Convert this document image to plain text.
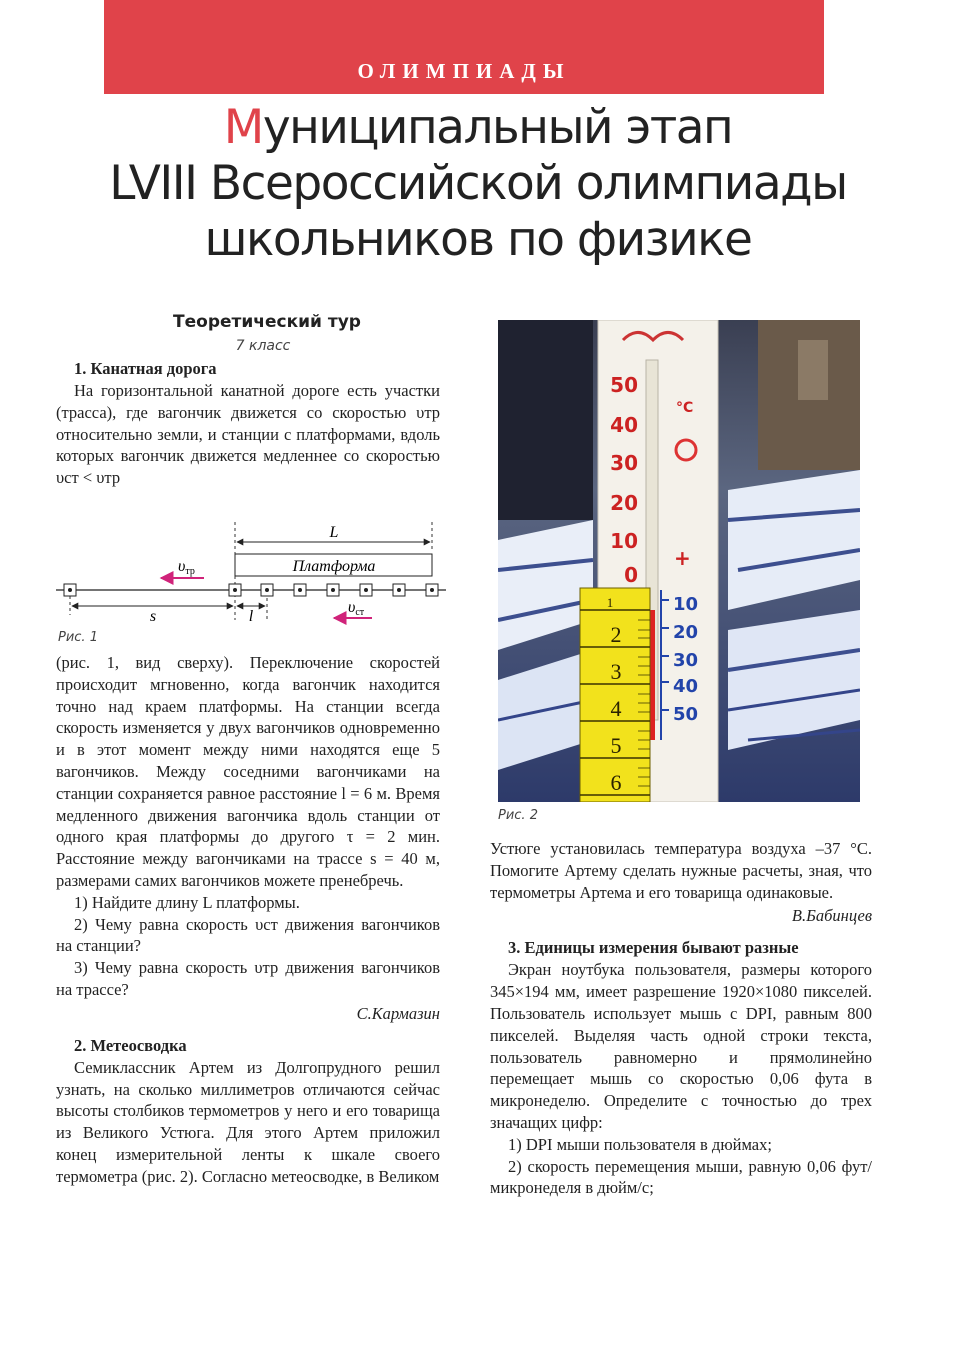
ОЛИМПИАДЫ
Муниципальный этап
LVIII Всероссийской олимпиады
школьников по физике
Теоретический тур
7 класс
1. Канатная дорога

На горизонтальной канатной дороге есть участки (трасса), где вагончик движется со скоростью υтр относительно земли, и станции с платформами, вдоль которых вагончик движется медленнее со скоростью υст < υтр

L
Платформа
υтр
s	l
υст
Рис. 1

(рис. 1, вид сверху). Переключение скоростей происходит мгновенно, когда вагончик находится точно над краем платформы. На станции всегда скорость изменяется у двух вагончиков одновременно и в этот момент между ними находятся еще 5 вагончиков. Между соседними вагончиками на станции сохраняется равное расстояние l = 6 м. Время медленного движения вагончика вдоль станции от одного края платформы до другого τ = 2 мин. Расстояние между вагончиками на трассе s = 40 м, размерами самих вагончиков можете пренебречь.

1) Найдите длину L платформы.

2) Чему равна скорость υст движения вагончиков на станции?

3) Чему равна скорость υтр движения вагончиков на трассе?

С.Кармазин
2. Метеосводка

Семиклассник Артем из Долгопрудного решил узнать, на сколько миллиметров отличаются сейчас высоты столбиков термометров у него и его товарища из Великого Устюга. Для этого Артем приложил конец измерительной ленты к шкале своего термометра (рис. 2). Согласно метеосводке, в Великом

°C
+
50
40
30
20
10
0
10
20
30
40
50
1
2
3
4
5
6
Рис. 2

Устюге установилась температура воздуха –37 °С. Помогите Артему сделать нужные расчеты, зная, что термометры Артема и его товарища одинаковые.

В.Бабинцев
3. Единицы измерения бывают разные

Экран ноутбука пользователя, размеры которого 345×194 мм, имеет разрешение 1920×1080 пикселей. Пользователь использует мышь с DPI, равным 800 пикселей. Выделяя часть одной строки текста, пользователь равномерно и прямолинейно перемещает мышь со скоростью 0,06 фута в микронеделю. Определите с точностью до трех значащих цифр:

1) DPI мыши пользователя в дюймах;

2) скорость перемещения мыши, равную 0,06 фут/микронеделя в дюйм/с;
